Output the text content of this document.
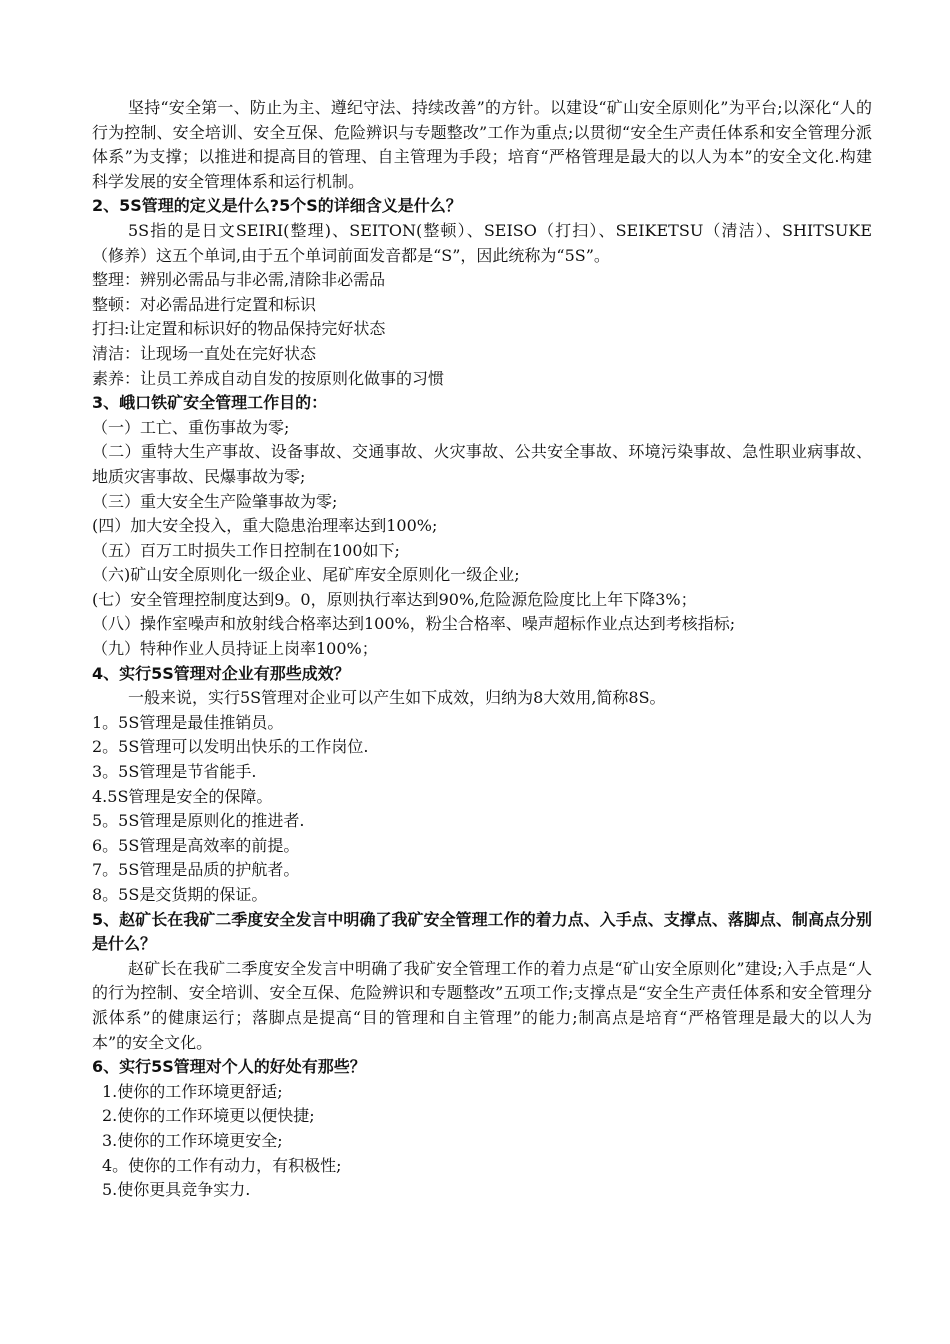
坚持“安全第一、防止为主、遵纪守法、持续改善”的方针。以建设“矿山安全原则化”为平台;以深化“人的行为控制、安全培训、安全互保、危险辨识与专题整改”工作为重点;以贯彻“安全生产责任体系和安全管理分派体系”为支撑；以推进和提高目的管理、自主管理为手段；培育“严格管理是最大的以人为本”的安全文化.构建科学发展的安全管理体系和运行机制。

2、5S管理的定义是什么?5个S的详细含义是什么？

5S指的是日文SEIRI(整理)、SEITON(整顿）、SEISO（打扫）、SEIKETSU（清洁）、SHITSUKE（修养）这五个单词,由于五个单词前面发音都是“S”，因此统称为“5S”。

整理：辨别必需品与非必需,清除非必需品

整顿：对必需品进行定置和标识

打扫:让定置和标识好的物品保持完好状态

清洁：让现场一直处在完好状态

素养：让员工养成自动自发的按原则化做事的习惯

3、峨口铁矿安全管理工作目的：

（一）工亡、重伤事故为零;

（二）重特大生产事故、设备事故、交通事故、火灾事故、公共安全事故、环境污染事故、急性职业病事故、地质灾害事故、民爆事故为零;

（三）重大安全生产险肇事故为零;

(四）加大安全投入，重大隐患治理率达到100%;

（五）百万工时损失工作日控制在100如下;

（六)矿山安全原则化一级企业、尾矿库安全原则化一级企业;

(七）安全管理控制度达到9。0，原则执行率达到90%,危险源危险度比上年下降3%；

（八）操作室噪声和放射线合格率达到100%，粉尘合格率、噪声超标作业点达到考核指标;

（九）特种作业人员持证上岗率100%；

4、实行5S管理对企业有那些成效？

一般来说，实行5S管理对企业可以产生如下成效，归纳为8大效用,简称8S。

1。5S管理是最佳推销员。

2。5S管理可以发明出快乐的工作岗位.

3。5S管理是节省能手.

4.5S管理是安全的保障。

5。5S管理是原则化的推进者.

6。5S管理是高效率的前提。

7。5S管理是品质的护航者。

8。5S是交货期的保证。

5、赵矿长在我矿二季度安全发言中明确了我矿安全管理工作的着力点、入手点、支撑点、落脚点、制高点分别是什么？

赵矿长在我矿二季度安全发言中明确了我矿安全管理工作的着力点是“矿山安全原则化”建设;入手点是“人的行为控制、安全培训、安全互保、危险辨识和专题整改”五项工作;支撑点是“安全生产责任体系和安全管理分派体系”的健康运行；落脚点是提高“目的管理和自主管理”的能力;制高点是培育“严格管理是最大的以人为本”的安全文化。

6、实行5S管理对个人的好处有那些？

1.使你的工作环境更舒适;

2.使你的工作环境更以便快捷;

3.使你的工作环境更安全;

4。使你的工作有动力，有积极性;

5.使你更具竞争实力.
